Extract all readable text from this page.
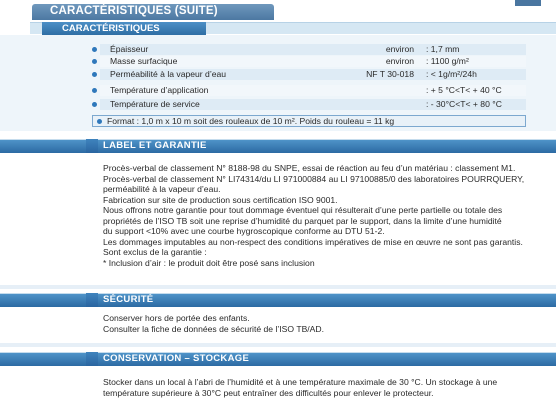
CARACTÉRISTIQUES (SUITE)
CARACTÉRISTIQUES
Épaisseur	environ : 1,7 mm
Masse surfacique	environ : 1100 g/m²
Perméabilité à la vapeur d’eau	NF T 30-018 : < 1g/m²/24h
Température d’application	: + 5 °C<T< + 40 °C
Température de service	: - 30°C<T< + 80 °C
Format : 1,0 m x 10 m soit des rouleaux de 10 m². Poids du rouleau = 11 kg
LABEL ET GARANTIE
Procès-verbal de classement N° 8188-98 du SNPE, essai de réaction au feu d’un matériau : classement M1.
Procès-verbal de classement N° LI74314/du LI 971000884 au LI 97100885/0 des laboratoires POURRQUERY,
perméabilité à la vapeur d’eau.
Fabrication sur site de production sous certification ISO 9001.
Nous offrons notre garantie pour tout dommage éventuel qui résulterait d’une perte partielle ou totale des
propriétés de l’ISO TB soit une reprise d’humidité du parquet par le support, dans la limite d’une humidité
du support <10% avec une courbe hygroscopique conforme au DTU 51-2.
Les dommages imputables au non-respect des conditions impératives de mise en œuvre ne sont pas garantis.
Sont exclus de la garantie :
* Inclusion d’air : le produit doit être posé sans inclusion
SÉCURITÉ
Conserver hors de portée des enfants.
Consulter la fiche de données de sécurité de l’ISO TB/AD.
CONSERVATION – STOCKAGE
Stocker dans un local à l’abri de l’humidité et à une température maximale de 30 °C. Un stockage à une
température supérieure à 30°C peut entraîner des difficultés pour enlever le protecteur.
